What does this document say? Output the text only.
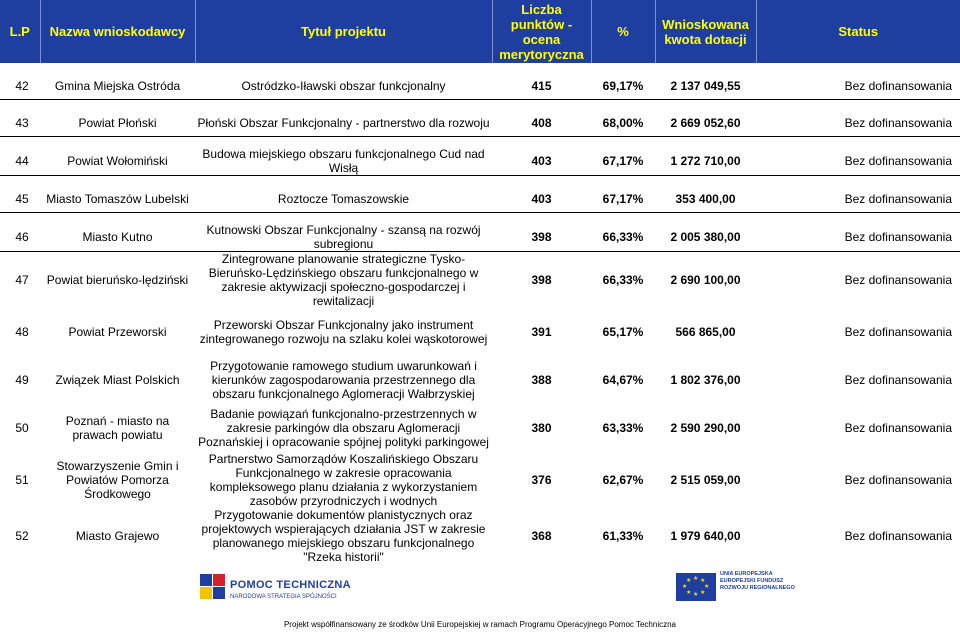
L.P	Nazwa wnioskodawcy	Tytuł projektu	Liczba punktów - ocena merytoryczna	%	Wnioskowana kwota dotacji	Status

42	Gmina Miejska Ostróda	Ostródzko-Iławski obszar funkcjonalny	415	69,17%	2 137 049,55	Bez dofinansowania

43	Powiat Płoński	Płoński Obszar Funkcjonalny - partnerstwo dla rozwoju	408	68,00%	2 669 052,60	Bez dofinansowania

44	Powiat Wołomiński	Budowa miejskiego obszaru funkcjonalnego Cud nad Wisłą	403	67,17%	1 272 710,00	Bez dofinansowania

45	Miasto Tomaszów Lubelski	Roztocze Tomaszowskie	403	67,17%	353 400,00	Bez dofinansowania

46	Miasto Kutno	Kutnowski Obszar Funkcjonalny - szansą na rozwój subregionu	398	66,33%	2 005 380,00	Bez dofinansowania
47	Powiat bieruńsko-lędziński	Zintegrowane planowanie strategiczne Tysko-Bieruńsko-Lędzińskiego obszaru funkcjonalnego w zakresie aktywizacji społeczno-gospodarczej i rewitalizacji	398	66,33%	2 690 100,00	Bez dofinansowania
48	Powiat Przeworski	Przeworski Obszar Funkcjonalny jako instrument zintegrowanego rozwoju na szlaku kolei wąskotorowej	391	65,17%	566 865,00	Bez dofinansowania
49	Związek Miast Polskich	Przygotowanie ramowego studium uwarunkowań i kierunków zagospodarowania przestrzennego dla obszaru funkcjonalnego Aglomeracji Wałbrzyskiej	388	64,67%	1 802 376,00	Bez dofinansowania
50	Poznań - miasto na prawach powiatu	Badanie powiązań funkcjonalno-przestrzennych w zakresie parkingów dla obszaru Aglomeracji Poznańskiej i opracowanie spójnej polityki parkingowej	380	63,33%	2 590 290,00	Bez dofinansowania
51	Stowarzyszenie Gmin i Powiatów Pomorza Środkowego	Partnerstwo Samorządów Koszalińskiego Obszaru Funkcjonalnego w zakresie opracowania kompleksowego planu działania z wykorzystaniem zasobów przyrodniczych i wodnych	376	62,67%	2 515 059,00	Bez dofinansowania
52	Miasto Grajewo	Przygotowanie dokumentów planistycznych oraz projektowych wspierających działania JST w zakresie planowanego miejskiego obszaru funkcjonalnego "Rzeka historii"	368	61,33%	1 979 640,00	Bez dofinansowania
POMOC TECHNICZNA
NARODOWA STRATEGIA SPÓJNOŚCI
★ ★
★
★
★
★
★
★
UNIA EUROPEJSKA
EUROPEJSKI FUNDUSZ
ROZWOJU REGIONALNEGO
Projekt współfinansowany ze środków Unii Europejskiej w ramach Programu Operacyjnego Pomoc Techniczna
